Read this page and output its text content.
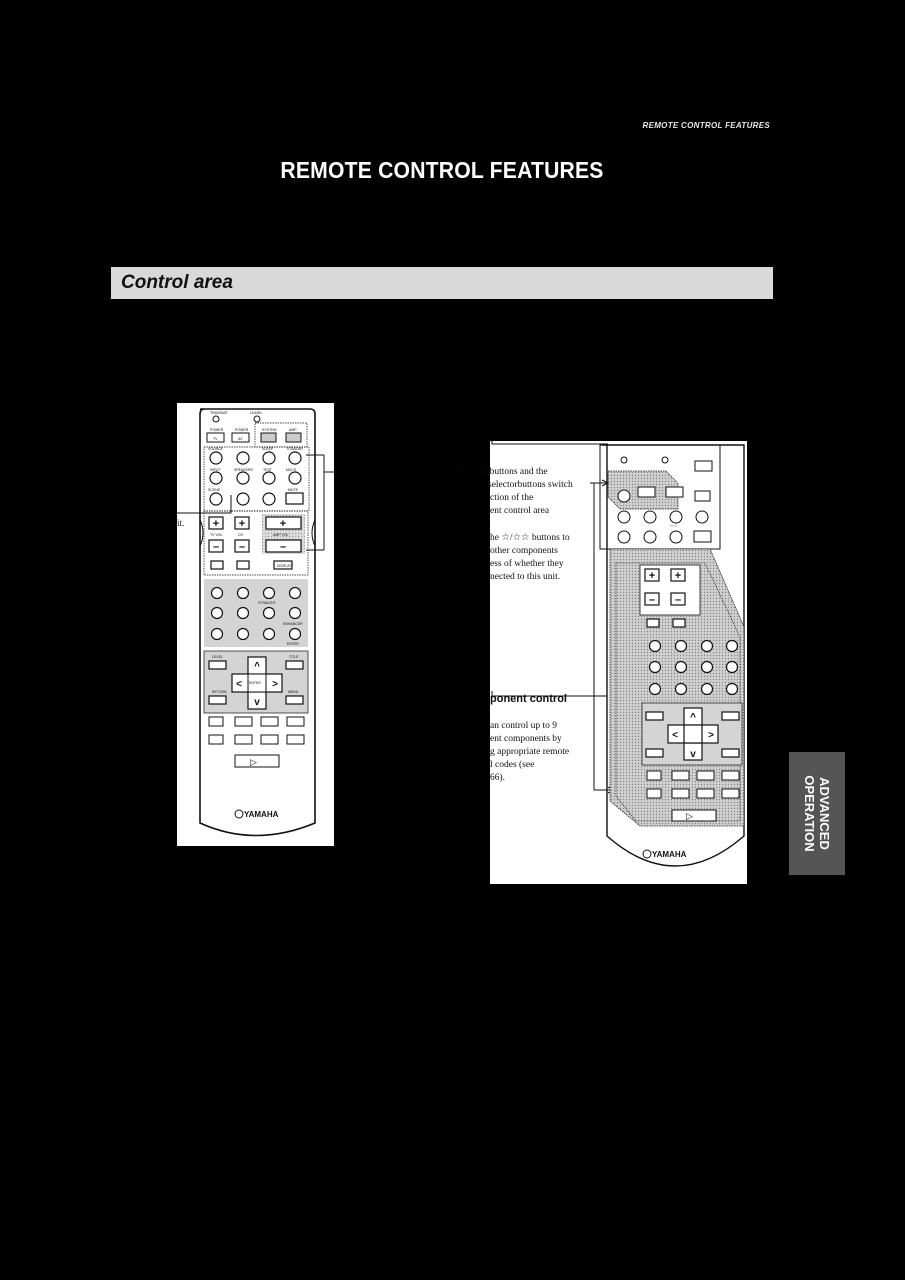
REMOTE CONTROL FEATURES
REMOTE CONTROL FEATURES
Control area
ADVANCED
OPERATION
TRANSMIT	LEARN
POWER	POWER
TV	AV
SYSTEM	AMP
SOURCE	STANDBY
SLEEP
SPEAKERS
INPUT	TEST	MULTI
MUTE
SCENE
it.	+
–
+
–
+
–
TV VOL	CH	AMP VOL
DISPLAY
STRAIGHT
ENTER
ENHANCER
LEVEL
RETURN
TITLE
MENU
<	>
^
v
ENTER
▷
YAMAHA
☆☆
+
–
+
–
<	>
^
v
▷
YAMAHA
☆/☆☆ buttons and the
selectorbuttons switch
ction of the
ent control area
he ☆/☆☆ buttons to
other components
ess of whether they
nected to this unit.
ponent control
an control up to 9
ent components by
g appropriate remote
l codes (see
66).
